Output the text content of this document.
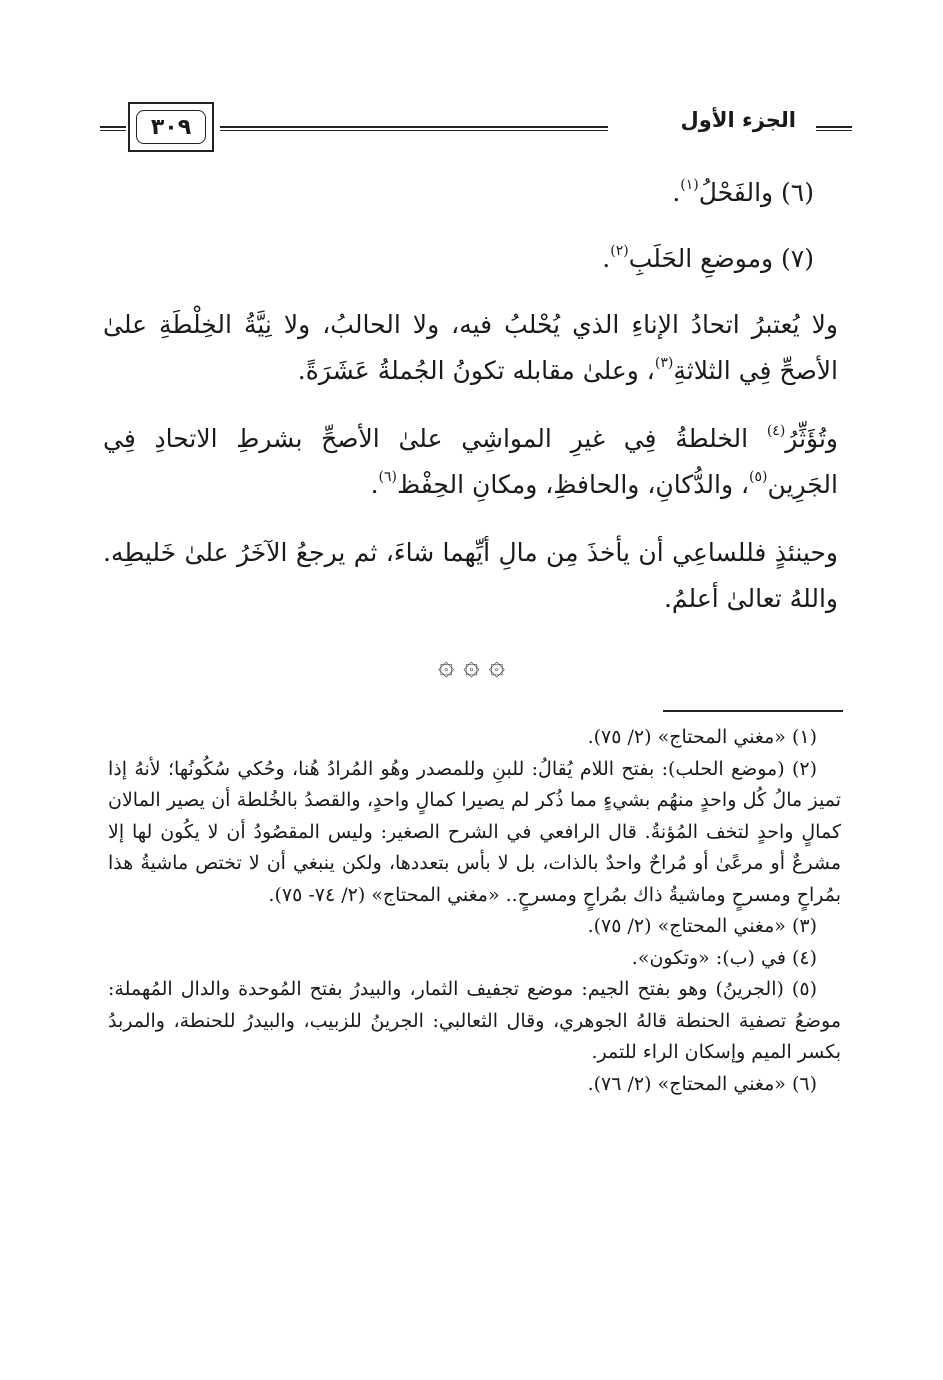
٣٠٩	الجزء الأول

(٦) والفَحْلُ$^{(١)}$.

(٧) وموضعِ الحَلَبِ$^{(٢)}$.

ولا يُعتبرُ اتحادُ الإناءِ الذي يُحْلبُ فيه، ولا الحالبُ، ولا نِيَّةُ الخِلْطَةِ علىٰ الأصحِّ فِي الثلاثةِ$^{(٣)}$، وعلىٰ مقابله تكونُ الجُملةُ عَشَرَةً.

وتُؤَثِّرُ$^{(٤)}$ الخلطةُ فِي غيرِ المواشِي علىٰ الأصحِّ بشرطِ الاتحادِ فِي الجَرِين$^{(٥)}$، والدُّكانِ، والحافظِ، ومكانِ الحِفْظ$^{(٦)}$.

وحينئذٍ فللساعِي أن يأخذَ مِن مالِ أيِّهما شاءَ، ثم يرجعُ الآخَرُ علىٰ خَليطِه. واللهُ تعالىٰ أعلمُ.

۞ ۞ ۞

(١) «مغني المحتاج» (٢/ ٧٥).

(٢) (موضع الحلب): بفتح اللام يُقالُ: للبنِ وللمصدر وهُو المُرادُ هُنا، وحُكي سُكُونُها؛ لأنهُ إذا تميز مالُ كُل واحدٍ منهُم بشيءٍ مما ذُكر لم يصيرا كمالٍ واحدٍ، والقصدُ بالخُلطة أن يصير المالان كمالٍ واحدٍ لتخف المُؤنةُ. قال الرافعي في الشرح الصغير: وليس المقصُودُ أن لا يكُون لها إلا مشرعٌ أو مرعًىٰ أو مُراحٌ واحدٌ بالذات، بل لا بأس بتعددها، ولكن ينبغي أن لا تختص ماشيةُ هذا بمُراحٍ ومسرحٍ وماشيةُ ذاك بمُراحٍ ومسرحٍ.. «مغني المحتاج» (٢/ ٧٤- ٧٥).

(٣) «مغني المحتاج» (٢/ ٧٥).

(٤) في (ب): «وتكون».

(٥) (الجرينُ) وهو بفتح الجيم: موضع تجفيف الثمار، والبيدرُ بفتح المُوحدة والدال المُهملة: موضعُ تصفية الحنطة قالهُ الجوهري، وقال الثعالبي: الجرينُ للزبيب، والبيدرُ للحنطة، والمربدُ بكسر الميم وإسكان الراء للتمر.

(٦) «مغني المحتاج» (٢/ ٧٦).
